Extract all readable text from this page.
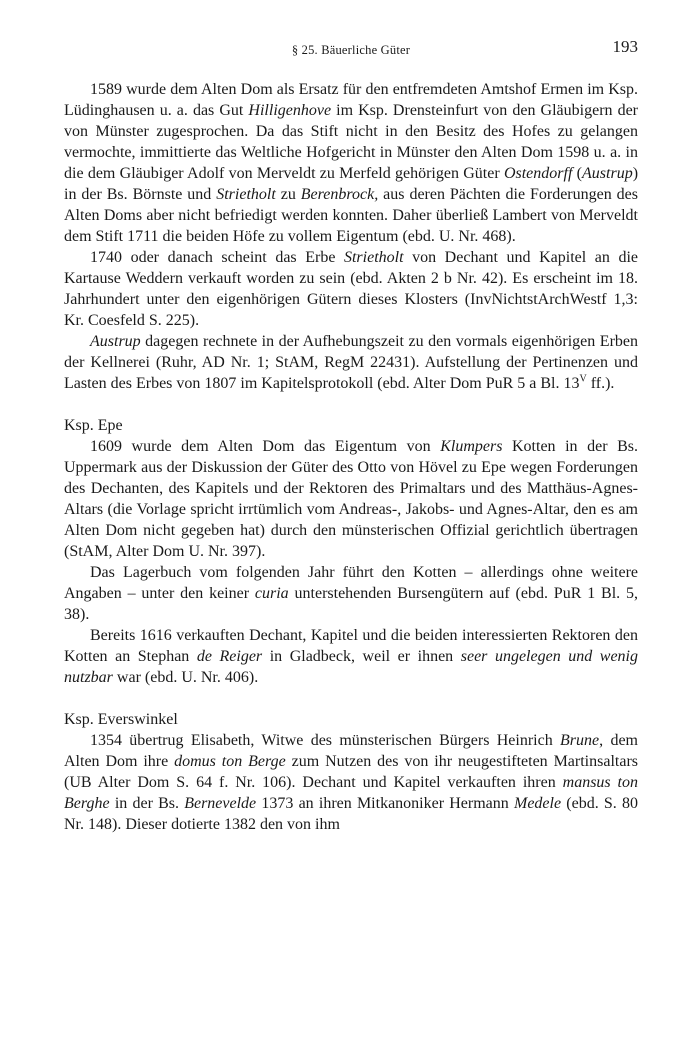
§ 25. Bäuerliche Güter	193

1589 wurde dem Alten Dom als Ersatz für den entfremdeten Amtshof Ermen im Ksp. Lüdinghausen u. a. das Gut Hilligenhove im Ksp. Drensteinfurt von den Gläubigern der von Münster zugesprochen. Da das Stift nicht in den Besitz des Hofes zu gelangen vermochte, immittierte das Weltliche Hofgericht in Münster den Alten Dom 1598 u. a. in die dem Gläubiger Adolf von Merveldt zu Merfeld gehörigen Güter Ostendorff (Austrup) in der Bs. Börnste und Strietholt zu Berenbrock, aus deren Pächten die Forderungen des Alten Doms aber nicht befriedigt werden konnten. Daher überließ Lambert von Merveldt dem Stift 1711 die beiden Höfe zu vollem Eigentum (ebd. U. Nr. 468).

1740 oder danach scheint das Erbe Strietholt von Dechant und Kapitel an die Kartause Weddern verkauft worden zu sein (ebd. Akten 2 b Nr. 42). Es erscheint im 18. Jahrhundert unter den eigenhörigen Gütern dieses Klosters (InvNichtstArchWestf 1,3: Kr. Coesfeld S. 225).

Austrup dagegen rechnete in der Aufhebungszeit zu den vormals eigenhörigen Erben der Kellnerei (Ruhr, AD Nr. 1; StAM, RegM 22431). Aufstellung der Pertinenzen und Lasten des Erbes von 1807 im Kapitelsprotokoll (ebd. Alter Dom PuR 5 a Bl. $13^V$ ff.).

Ksp. Epe

1609 wurde dem Alten Dom das Eigentum von Klumpers Kotten in der Bs. Uppermark aus der Diskussion der Güter des Otto von Hövel zu Epe wegen Forderungen des Dechanten, des Kapitels und der Rektoren des Primaltars und des Matthäus-Agnes-Altars (die Vorlage spricht irrtümlich vom Andreas-, Jakobs- und Agnes-Altar, den es am Alten Dom nicht gegeben hat) durch den münsterischen Offizial gerichtlich übertragen (StAM, Alter Dom U. Nr. 397).

Das Lagerbuch vom folgenden Jahr führt den Kotten – allerdings ohne weitere Angaben – unter den keiner curia unterstehenden Bursengütern auf (ebd. PuR 1 Bl. 5, 38).

Bereits 1616 verkauften Dechant, Kapitel und die beiden interessierten Rektoren den Kotten an Stephan de Reiger in Gladbeck, weil er ihnen seer ungelegen und wenig nutzbar war (ebd. U. Nr. 406).

Ksp. Everswinkel

1354 übertrug Elisabeth, Witwe des münsterischen Bürgers Heinrich Brune, dem Alten Dom ihre domus ton Berge zum Nutzen des von ihr neugestifteten Martinsaltars (UB Alter Dom S. 64 f. Nr. 106). Dechant und Kapitel verkauften ihren mansus ton Berghe in der Bs. Bernevelde 1373 an ihren Mitkanoniker Hermann Medele (ebd. S. 80 Nr. 148). Dieser dotierte 1382 den von ihm
